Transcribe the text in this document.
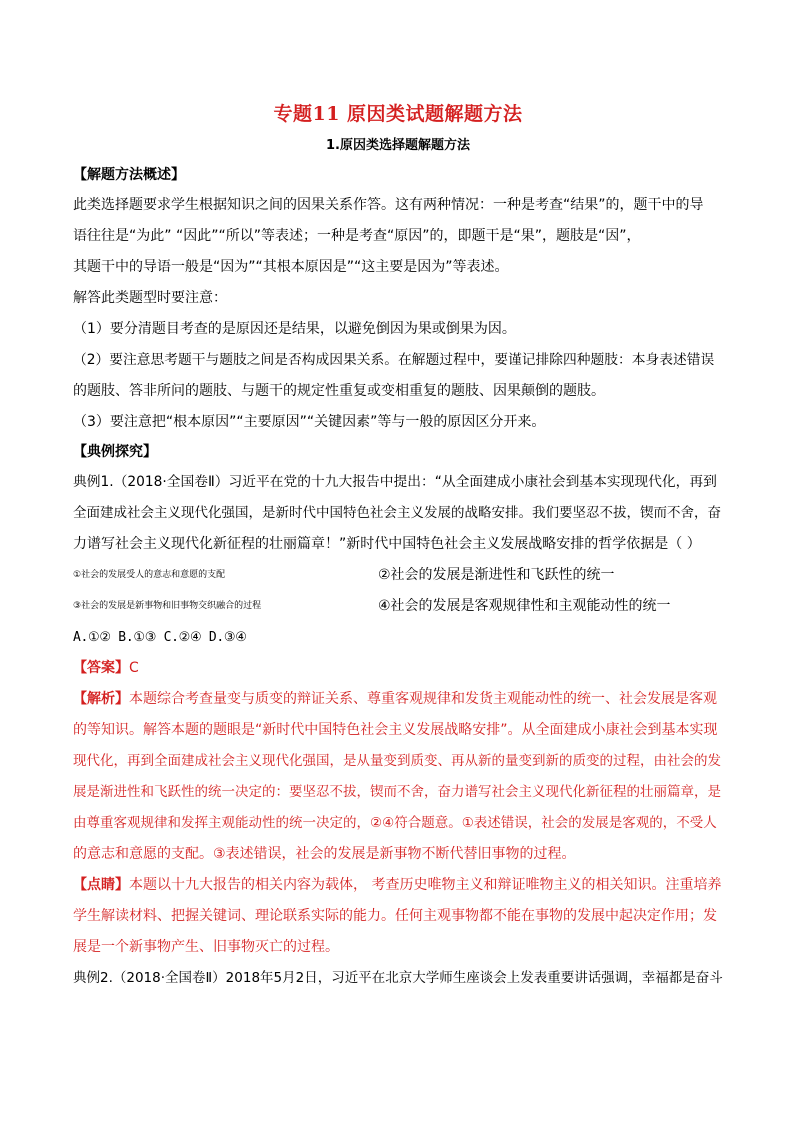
专题11 原因类试题解题方法
1.原因类选择题解题方法
【解题方法概述】

此类选择题要求学生根据知识之间的因果关系作答。这有两种情况：一种是考查“结果”的，题干中的导

语往往是“为此” “因此”“所以”等表述；一种是考查“原因”的，即题干是“果”，题肢是“因”，

其题干中的导语一般是“因为”“其根本原因是”“这主要是因为”等表述。

解答此类题型时要注意：

（1）要分清题目考查的是原因还是结果，以避免倒因为果或倒果为因。

（2）要注意思考题干与题肢之间是否构成因果关系。在解题过程中，要谨记排除四种题肢：本身表述错误

的题肢、答非所问的题肢、与题干的规定性重复或变相重复的题肢、因果颠倒的题肢。

（3）要注意把“根本原因”“主要原因”“关键因素”等与一般的原因区分开来。

【典例探究】

典例1.（2018·全国卷Ⅱ）习近平在党的十九大报告中提出：“从全面建成小康社会到基本实现现代化，再到

全面建成社会主义现代化强国，是新时代中国特色社会主义发展的战略安排。我们要坚忍不拔，锲而不舍，奋

力谱写社会主义现代化新征程的壮丽篇章！”新时代中国特色社会主义发展战略安排的哲学依据是（ ）

①社会的发展受人的意志和意愿的支配	②社会的发展是渐进性和飞跃性的统一
③社会的发展是新事物和旧事物交织融合的过程	④社会的发展是客观规律性和主观能动性的统一
A.①② B.①③ C.②④ D.③④

【答案】C

【解析】本题综合考查量变与质变的辩证关系、尊重客观规律和发货主观能动性的统一、社会发展是客观

的等知识。解答本题的题眼是“新时代中国特色社会主义发展战略安排”。从全面建成小康社会到基本实现

现代化，再到全面建成社会主义现代化强国，是从量变到质变、再从新的量变到新的质变的过程，由社会的发

展是渐进性和飞跃性的统一决定的：要坚忍不拔，锲而不舍，奋力谱写社会主义现代化新征程的壮丽篇章，是

由尊重客观规律和发挥主观能动性的统一决定的，②④符合题意。①表述错误，社会的发展是客观的，不受人

的意志和意愿的支配。③表述错误，社会的发展是新事物不断代替旧事物的过程。

【点睛】本题以十九大报告的相关内容为载体， 考查历史唯物主义和辩证唯物主义的相关知识。注重培养

学生解读材料、把握关键词、理论联系实际的能力。任何主观事物都不能在事物的发展中起决定作用；发

展是一个新事物产生、旧事物灭亡的过程。

典例2.（2018·全国卷Ⅱ）2018年5月2日，习近平在北京大学师生座谈会上发表重要讲话强调，幸福都是奋斗
